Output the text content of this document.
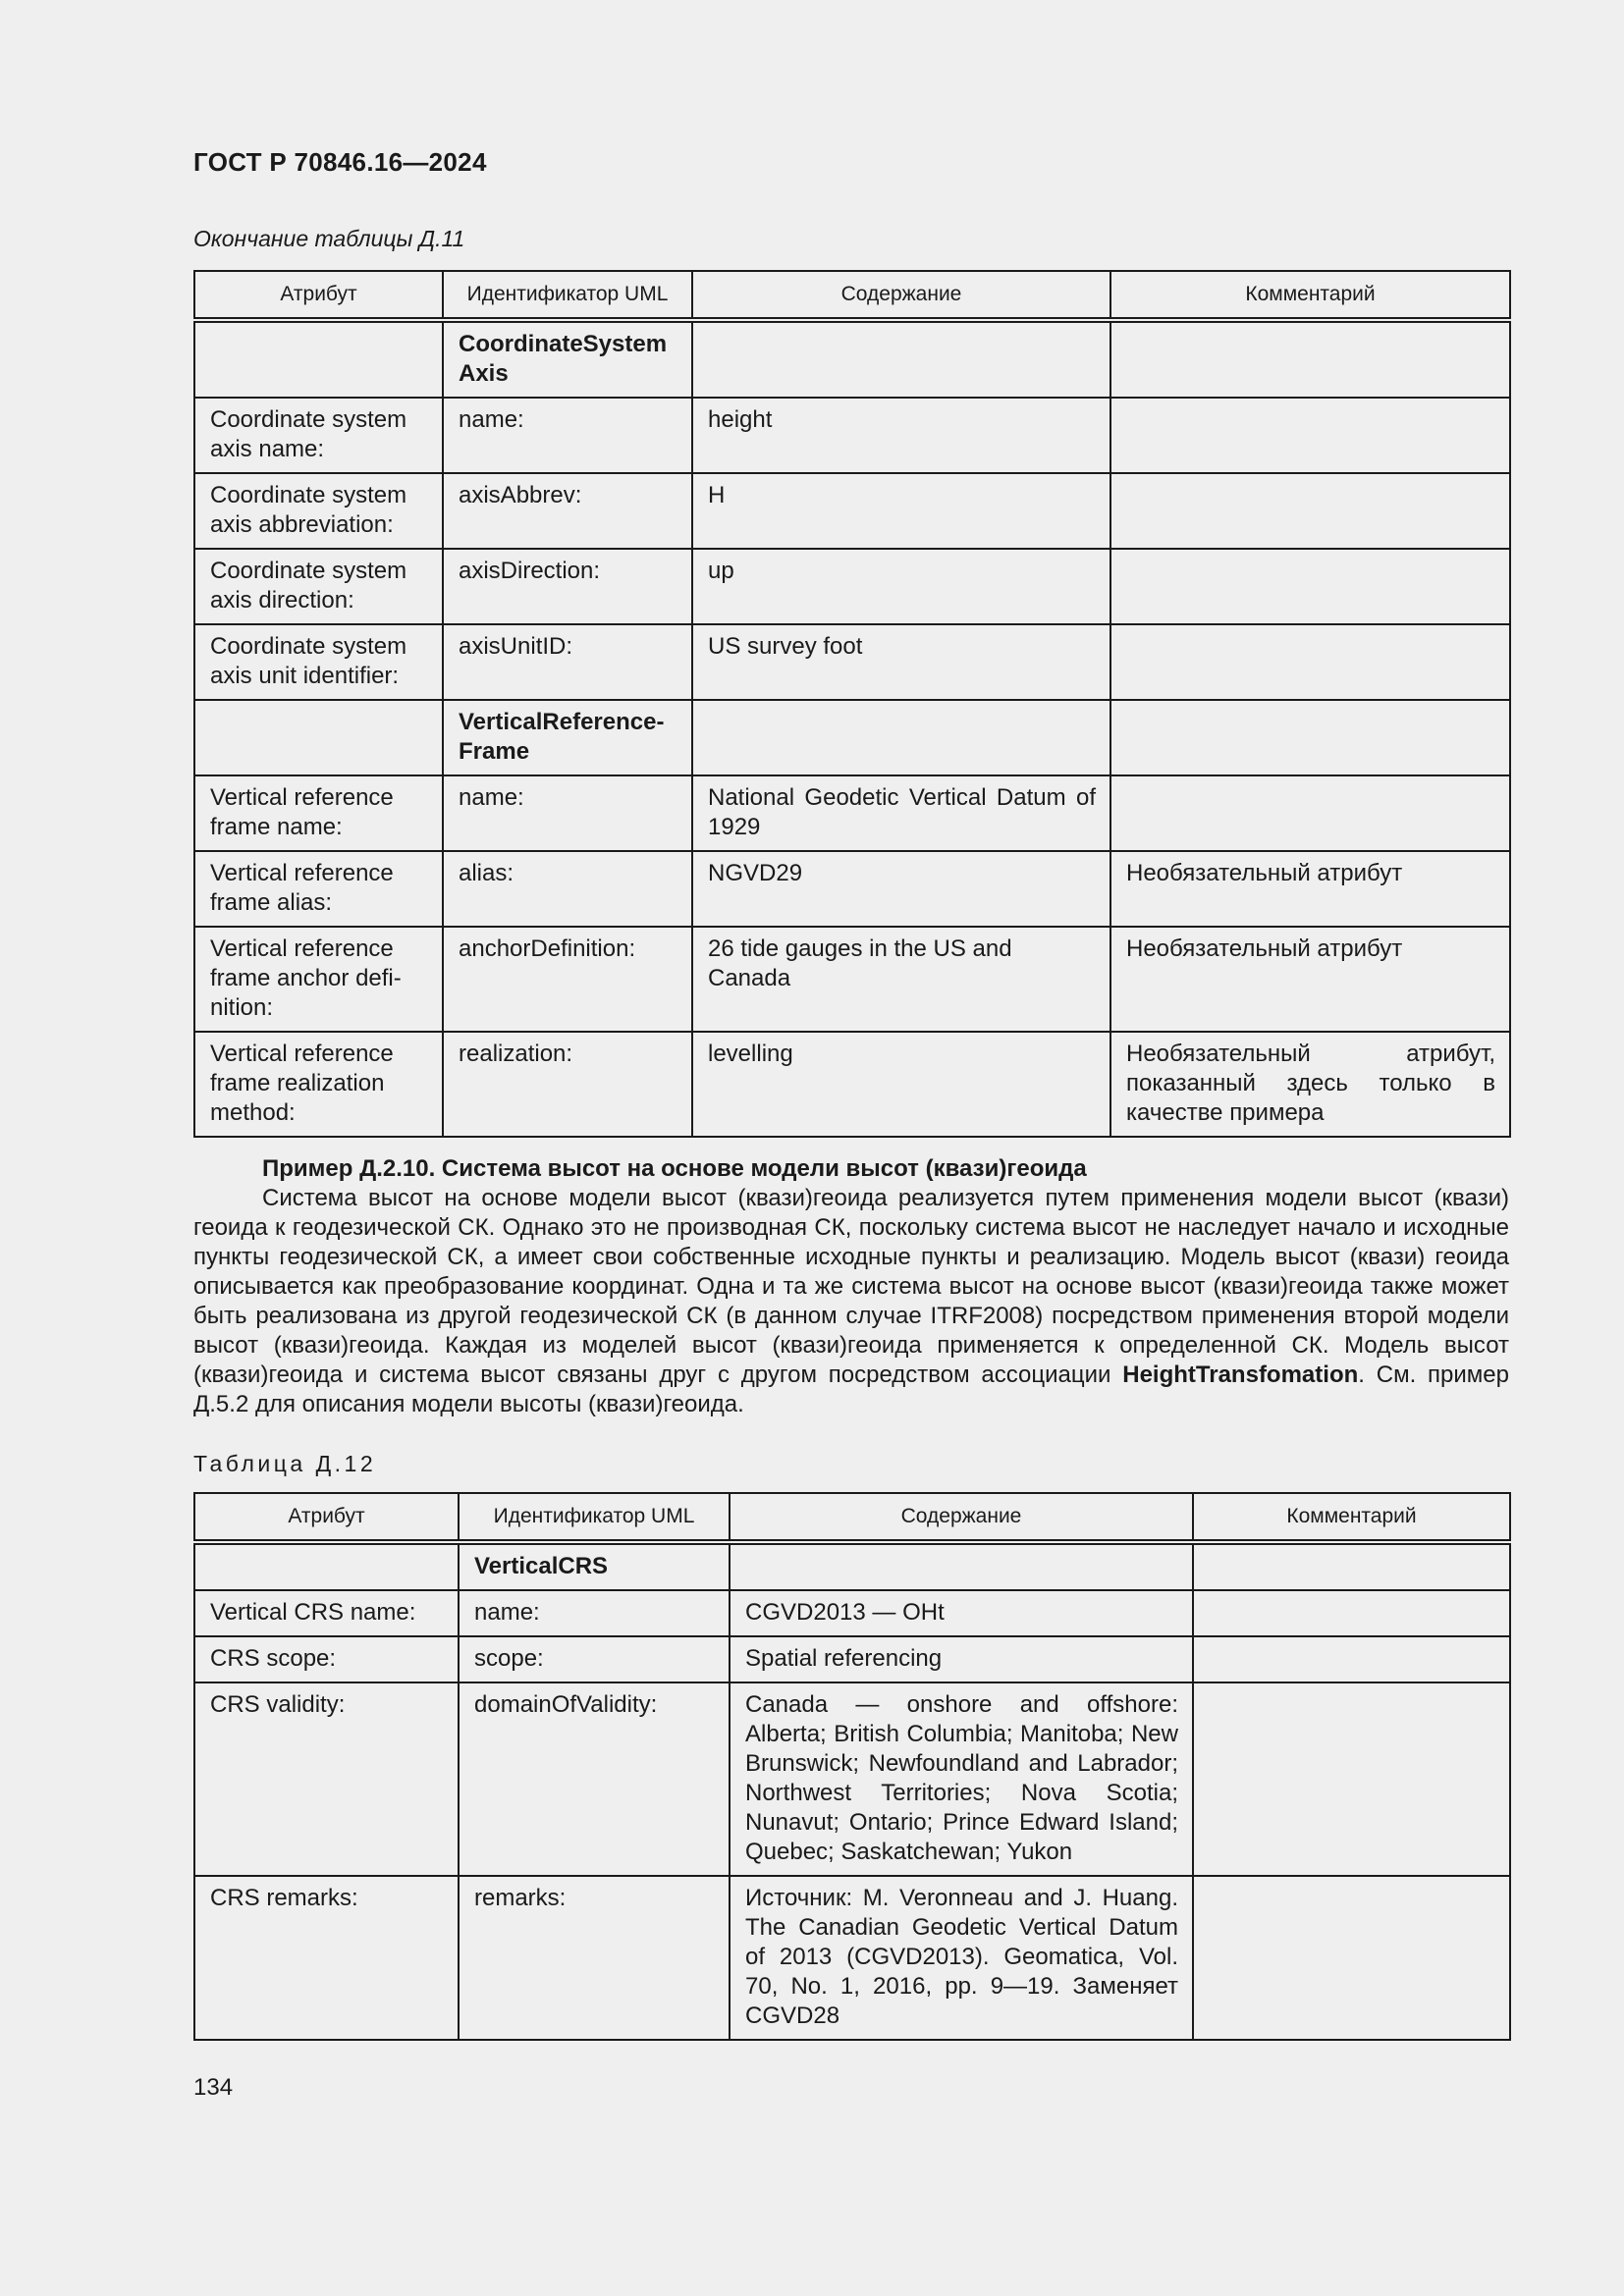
ГОСТ Р 70846.16—2024
Окончание таблицы Д.11
Атрибут	Идентификатор UML	Содержание	Комментарий
	CoordinateSystemAxis		
Coordinate system axis name:	name:	height	
Coordinate system axis abbreviation:	axisAbbrev:	H	
Coordinate system axis direction:	axisDirection:	up	
Coordinate system axis unit identifier:	axisUnitID:	US survey foot	
	VerticalReference-Frame		
Vertical reference frame name:	name:	National Geodetic Vertical Datum of 1929	
Vertical reference frame alias:	alias:	NGVD29	Необязательный атрибут
Vertical reference frame anchor defi-nition:	anchorDefinition:	26 tide gauges in the US and Canada	Необязательный атрибут
Vertical reference frame realization method:	realization:	levelling	Необязательный атрибут, показанный здесь только в качестве примера
Пример Д.2.10. Система высот на основе модели высот (квази)геоида
Система высот на основе модели высот (квази)геоида реализуется путем применения модели высот (квази) геоида к геодезической СК. Однако это не производная СК, поскольку система высот не наследует начало и исходные пункты геодезической СК, а имеет свои собственные исходные пункты и реализацию. Модель высот (квази) геоида описывается как преобразование координат. Одна и та же система высот на основе высот (квази)геоида также может быть реализована из другой геодезической СК (в данном случае ITRF2008) посредством применения второй модели высот (квази)геоида. Каждая из моделей высот (квази)геоида применяется к определенной СК. Модель высот (квази)геоида и система высот связаны друг с другом посредством ассоциации HeightTransfomation. См. пример Д.5.2 для описания модели высоты (квази)геоида.
Таблица Д.12
Атрибут	Идентификатор UML	Содержание	Комментарий
	VerticalCRS		
Vertical CRS name:	name:	CGVD2013 — OHt	
CRS scope:	scope:	Spatial referencing	
CRS validity:	domainOfValidity:	Canada — onshore and offshore: Alberta; British Columbia; Manitoba; New Brunswick; Newfoundland and Labrador; Northwest Territories; Nova Scotia; Nunavut; Ontario; Prince Edward Island; Quebec; Saskatchewan; Yukon	
CRS remarks:	remarks:	Источник: M. Veronneau and J. Huang. The Canadian Geodetic Vertical Datum of 2013 (CGVD2013). Geomatica, Vol. 70, No. 1, 2016, pp. 9—19. Заменяет CGVD28	
134
